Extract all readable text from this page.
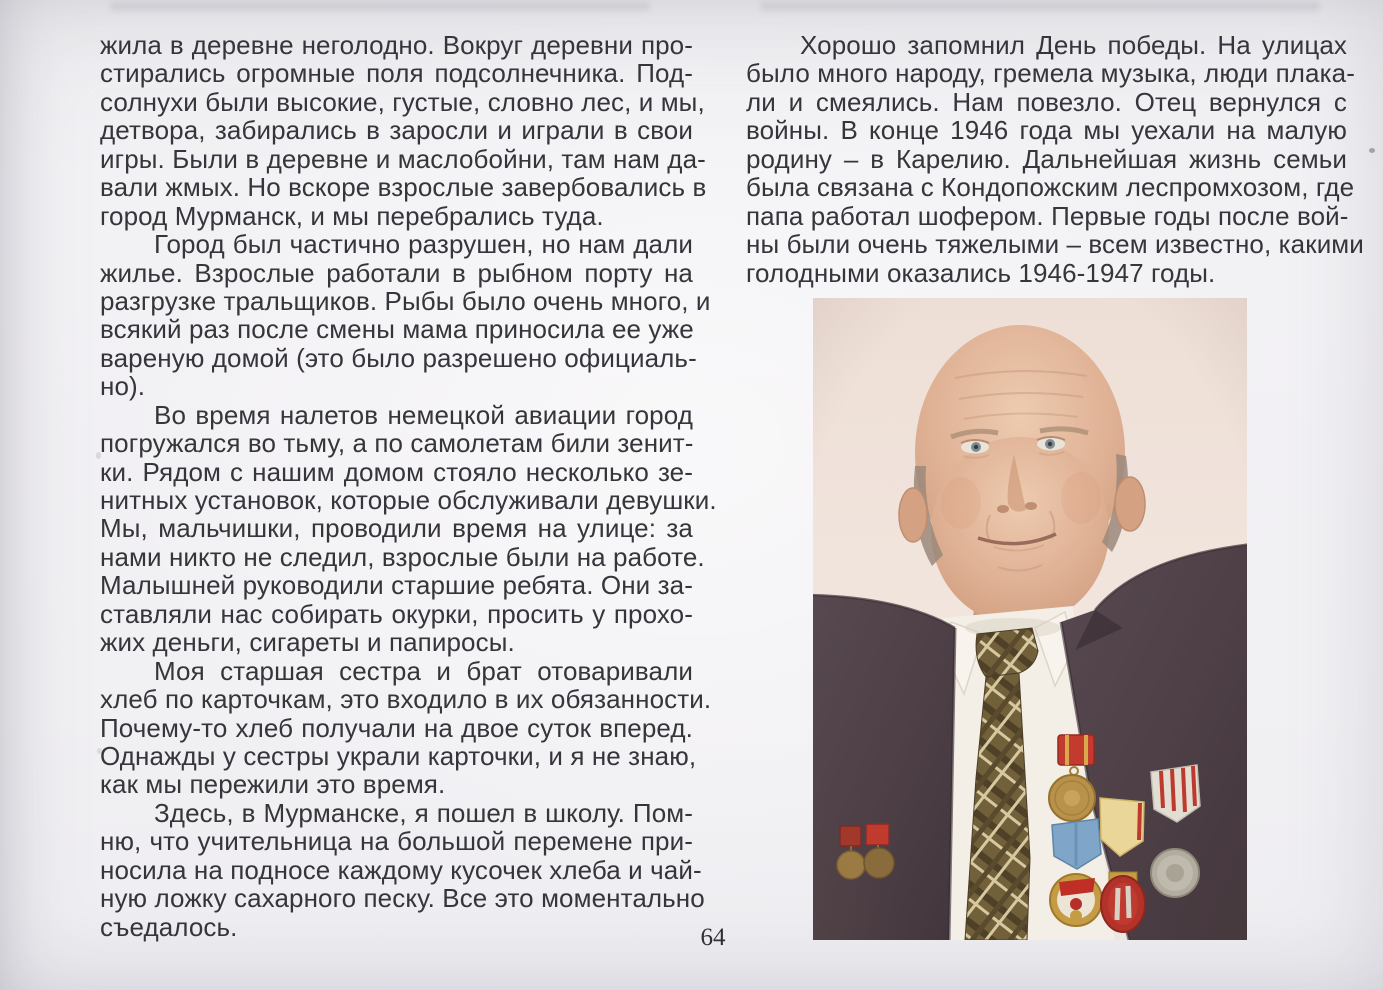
жила в деревне неголодно. Вокруг деревни про-
стирались огромные поля подсолнечника. Под-
солнухи были высокие, густые, словно лес, и мы,
детвора, забирались в заросли и играли в свои
игры. Были в деревне и маслобойни, там нам да-
вали жмых. Но вскоре взрослые завербовались в
город Мурманск, и мы перебрались туда.
Город был частично разрушен, но нам дали
жилье. Взрослые работали в рыбном порту на
разгрузке тральщиков. Рыбы было очень много, и
всякий раз после смены мама приносила ее уже
вареную домой (это было разрешено официаль-
но).
Во время налетов немецкой авиации город
погружался во тьму, а по самолетам били зенит-
ки. Рядом с нашим домом стояло несколько зе-
нитных установок, которые обслуживали девушки.
Мы, мальчишки, проводили время на улице: за
нами никто не следил, взрослые были на работе.
Малышней руководили старшие ребята. Они за-
ставляли нас собирать окурки, просить у прохо-
жих деньги, сигареты и папиросы.
Моя старшая сестра и брат отоваривали
хлеб по карточкам, это входило в их обязанности.
Почему-то хлеб получали на двое суток вперед.
Однажды у сестры украли карточки, и я не знаю,
как мы пережили это время.
Здесь, в Мурманске, я пошел в школу. Пом-
ню, что учительница на большой перемене при-
носила на подносе каждому кусочек хлеба и чай-
ную ложку сахарного песку. Все это моментально
съедалось.
Хорошо запомнил День победы. На улицах
было много народу, гремела музыка, люди плака-
ли и смеялись. Нам повезло. Отец вернулся с
войны. В конце 1946 года мы уехали на малую
родину – в Карелию. Дальнейшая жизнь семьи
была связана с Кондопожским леспромхозом, где
папа работал шофером. Первые годы после вой-
ны были очень тяжелыми – всем известно, какими
голодными оказались 1946-1947 годы.
64
